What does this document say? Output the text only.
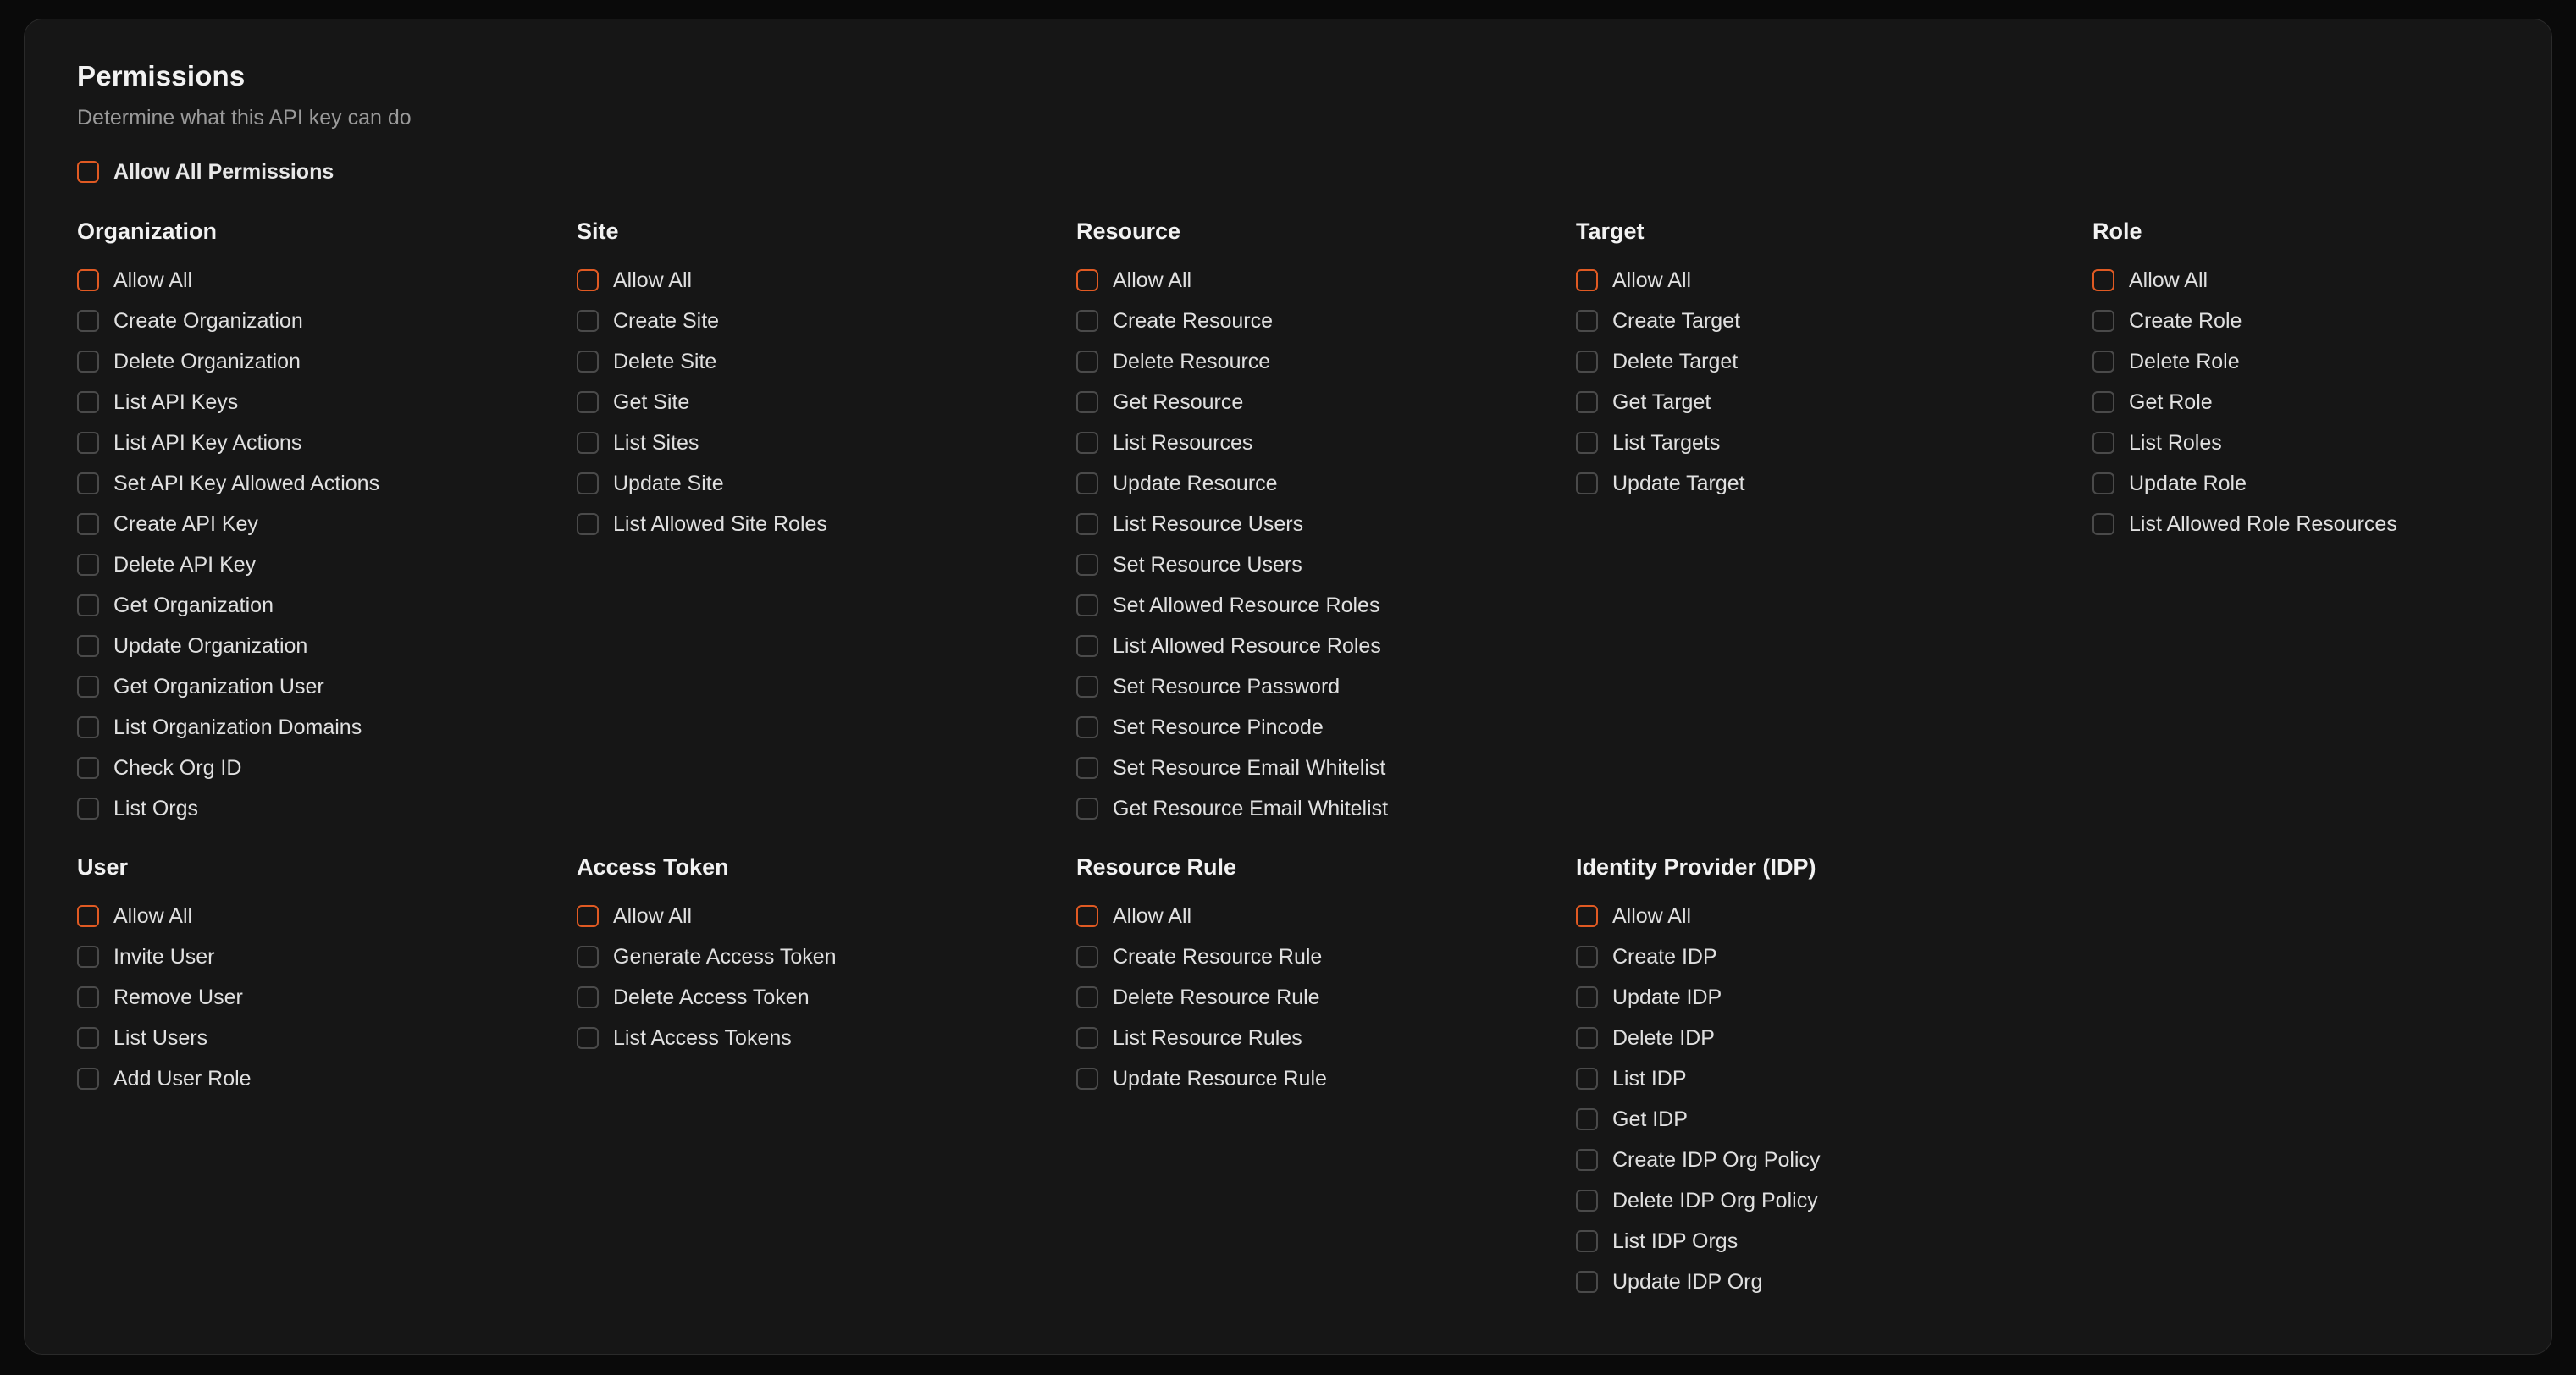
Permissions

Determine what this API key can do

Allow All Permissions
Organization
Allow All
Create Organization
Delete Organization
List API Keys
List API Key Actions
Set API Key Allowed Actions
Create API Key
Delete API Key
Get Organization
Update Organization
Get Organization User
List Organization Domains
Check Org ID
List Orgs
Site
Allow All
Create Site
Delete Site
Get Site
List Sites
Update Site
List Allowed Site Roles
Resource
Allow All
Create Resource
Delete Resource
Get Resource
List Resources
Update Resource
List Resource Users
Set Resource Users
Set Allowed Resource Roles
List Allowed Resource Roles
Set Resource Password
Set Resource Pincode
Set Resource Email Whitelist
Get Resource Email Whitelist
Target
Allow All
Create Target
Delete Target
Get Target
List Targets
Update Target
Role
Allow All
Create Role
Delete Role
Get Role
List Roles
Update Role
List Allowed Role Resources
User
Allow All
Invite User
Remove User
List Users
Add User Role
Access Token
Allow All
Generate Access Token
Delete Access Token
List Access Tokens
Resource Rule
Allow All
Create Resource Rule
Delete Resource Rule
List Resource Rules
Update Resource Rule
Identity Provider (IDP)
Allow All
Create IDP
Update IDP
Delete IDP
List IDP
Get IDP
Create IDP Org Policy
Delete IDP Org Policy
List IDP Orgs
Update IDP Org
